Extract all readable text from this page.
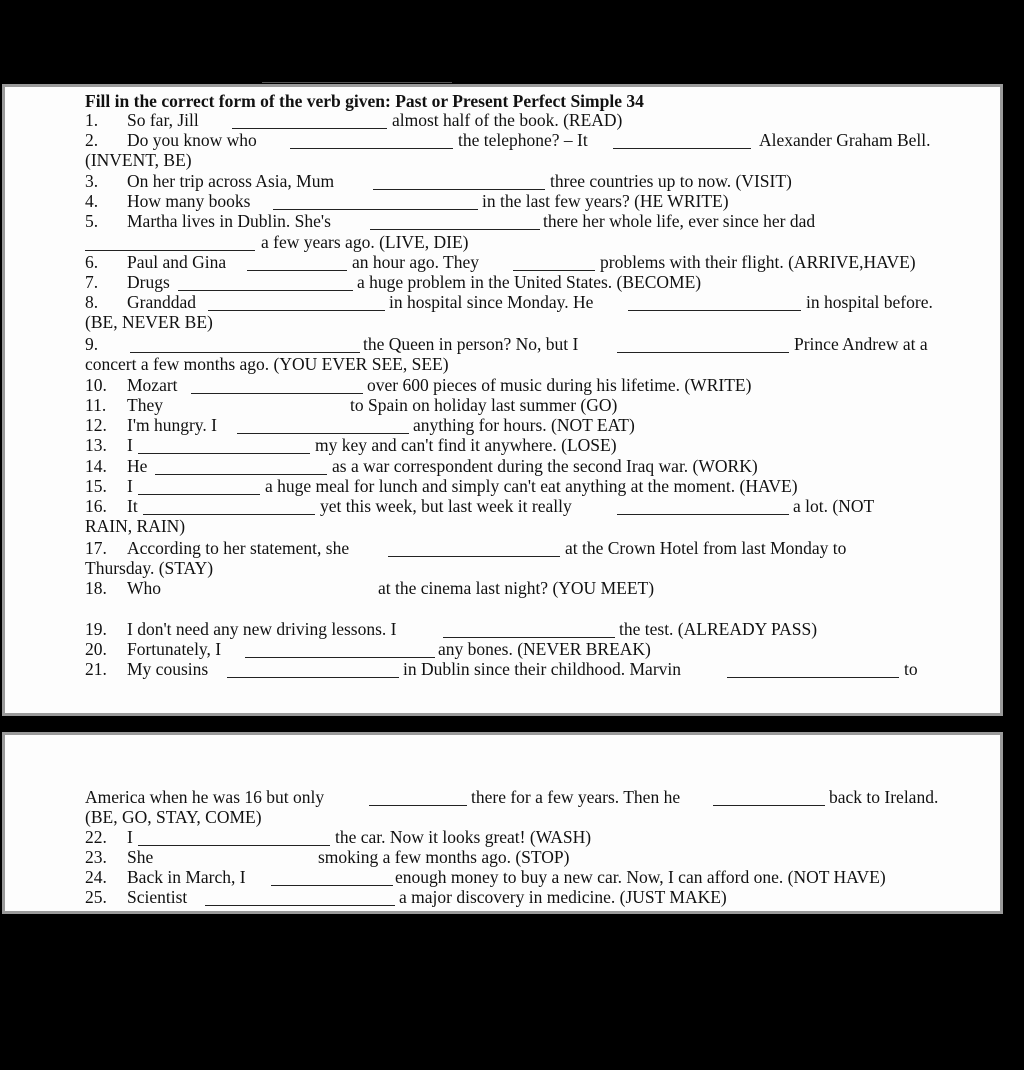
Fill in the correct form of the verb given: Past or Present Perfect Simple 34
1. So far, Jill	almost half of the book. (READ)
2. Do you know who	the telephone? – It	Alexander Graham Bell.
(INVENT, BE)
3. On her trip across Asia, Mum	three countries up to now. (VISIT)
4. How many books	in the last few years? (HE WRITE)
5. Martha lives in Dublin. She's	there her whole life, ever since her dad
a few years ago. (LIVE, DIE)
6. Paul and Gina	an hour ago. They	problems with their flight. (ARRIVE,HAVE)
7. Drugs	a huge problem in the United States. (BECOME)
8. Granddad	in hospital since Monday. He	in hospital before.
(BE, NEVER BE)
9.	the Queen in person? No, but I	Prince Andrew at a
concert a few months ago. (YOU EVER SEE, SEE)
10. Mozart	over 600 pieces of music during his lifetime. (WRITE)
11. They	to Spain on holiday last summer (GO)
12. I'm hungry. I	anything for hours. (NOT EAT)
13. I	my key and can't find it anywhere. (LOSE)
14. He	as a war correspondent during the second Iraq war. (WORK)
15. I	a huge meal for lunch and simply can't eat anything at the moment. (HAVE)
16. It	yet this week, but last week it really	a lot. (NOT
RAIN, RAIN)
17. According to her statement, she	at the Crown Hotel from last Monday to
Thursday. (STAY)
18. Who	at the cinema last night? (YOU MEET)
19. I don't need any new driving lessons. I	the test. (ALREADY PASS)
20. Fortunately, I	any bones. (NEVER BREAK)
21. My cousins	in Dublin since their childhood. Marvin	to
America when he was 16 but only	there for a few years. Then he	back to Ireland.
(BE, GO, STAY, COME)
22. I	the car. Now it looks great! (WASH)
23. She	smoking a few months ago. (STOP)
24. Back in March, I	enough money to buy a new car. Now, I can afford one. (NOT HAVE)
25. Scientist	a major discovery in medicine. (JUST MAKE)
